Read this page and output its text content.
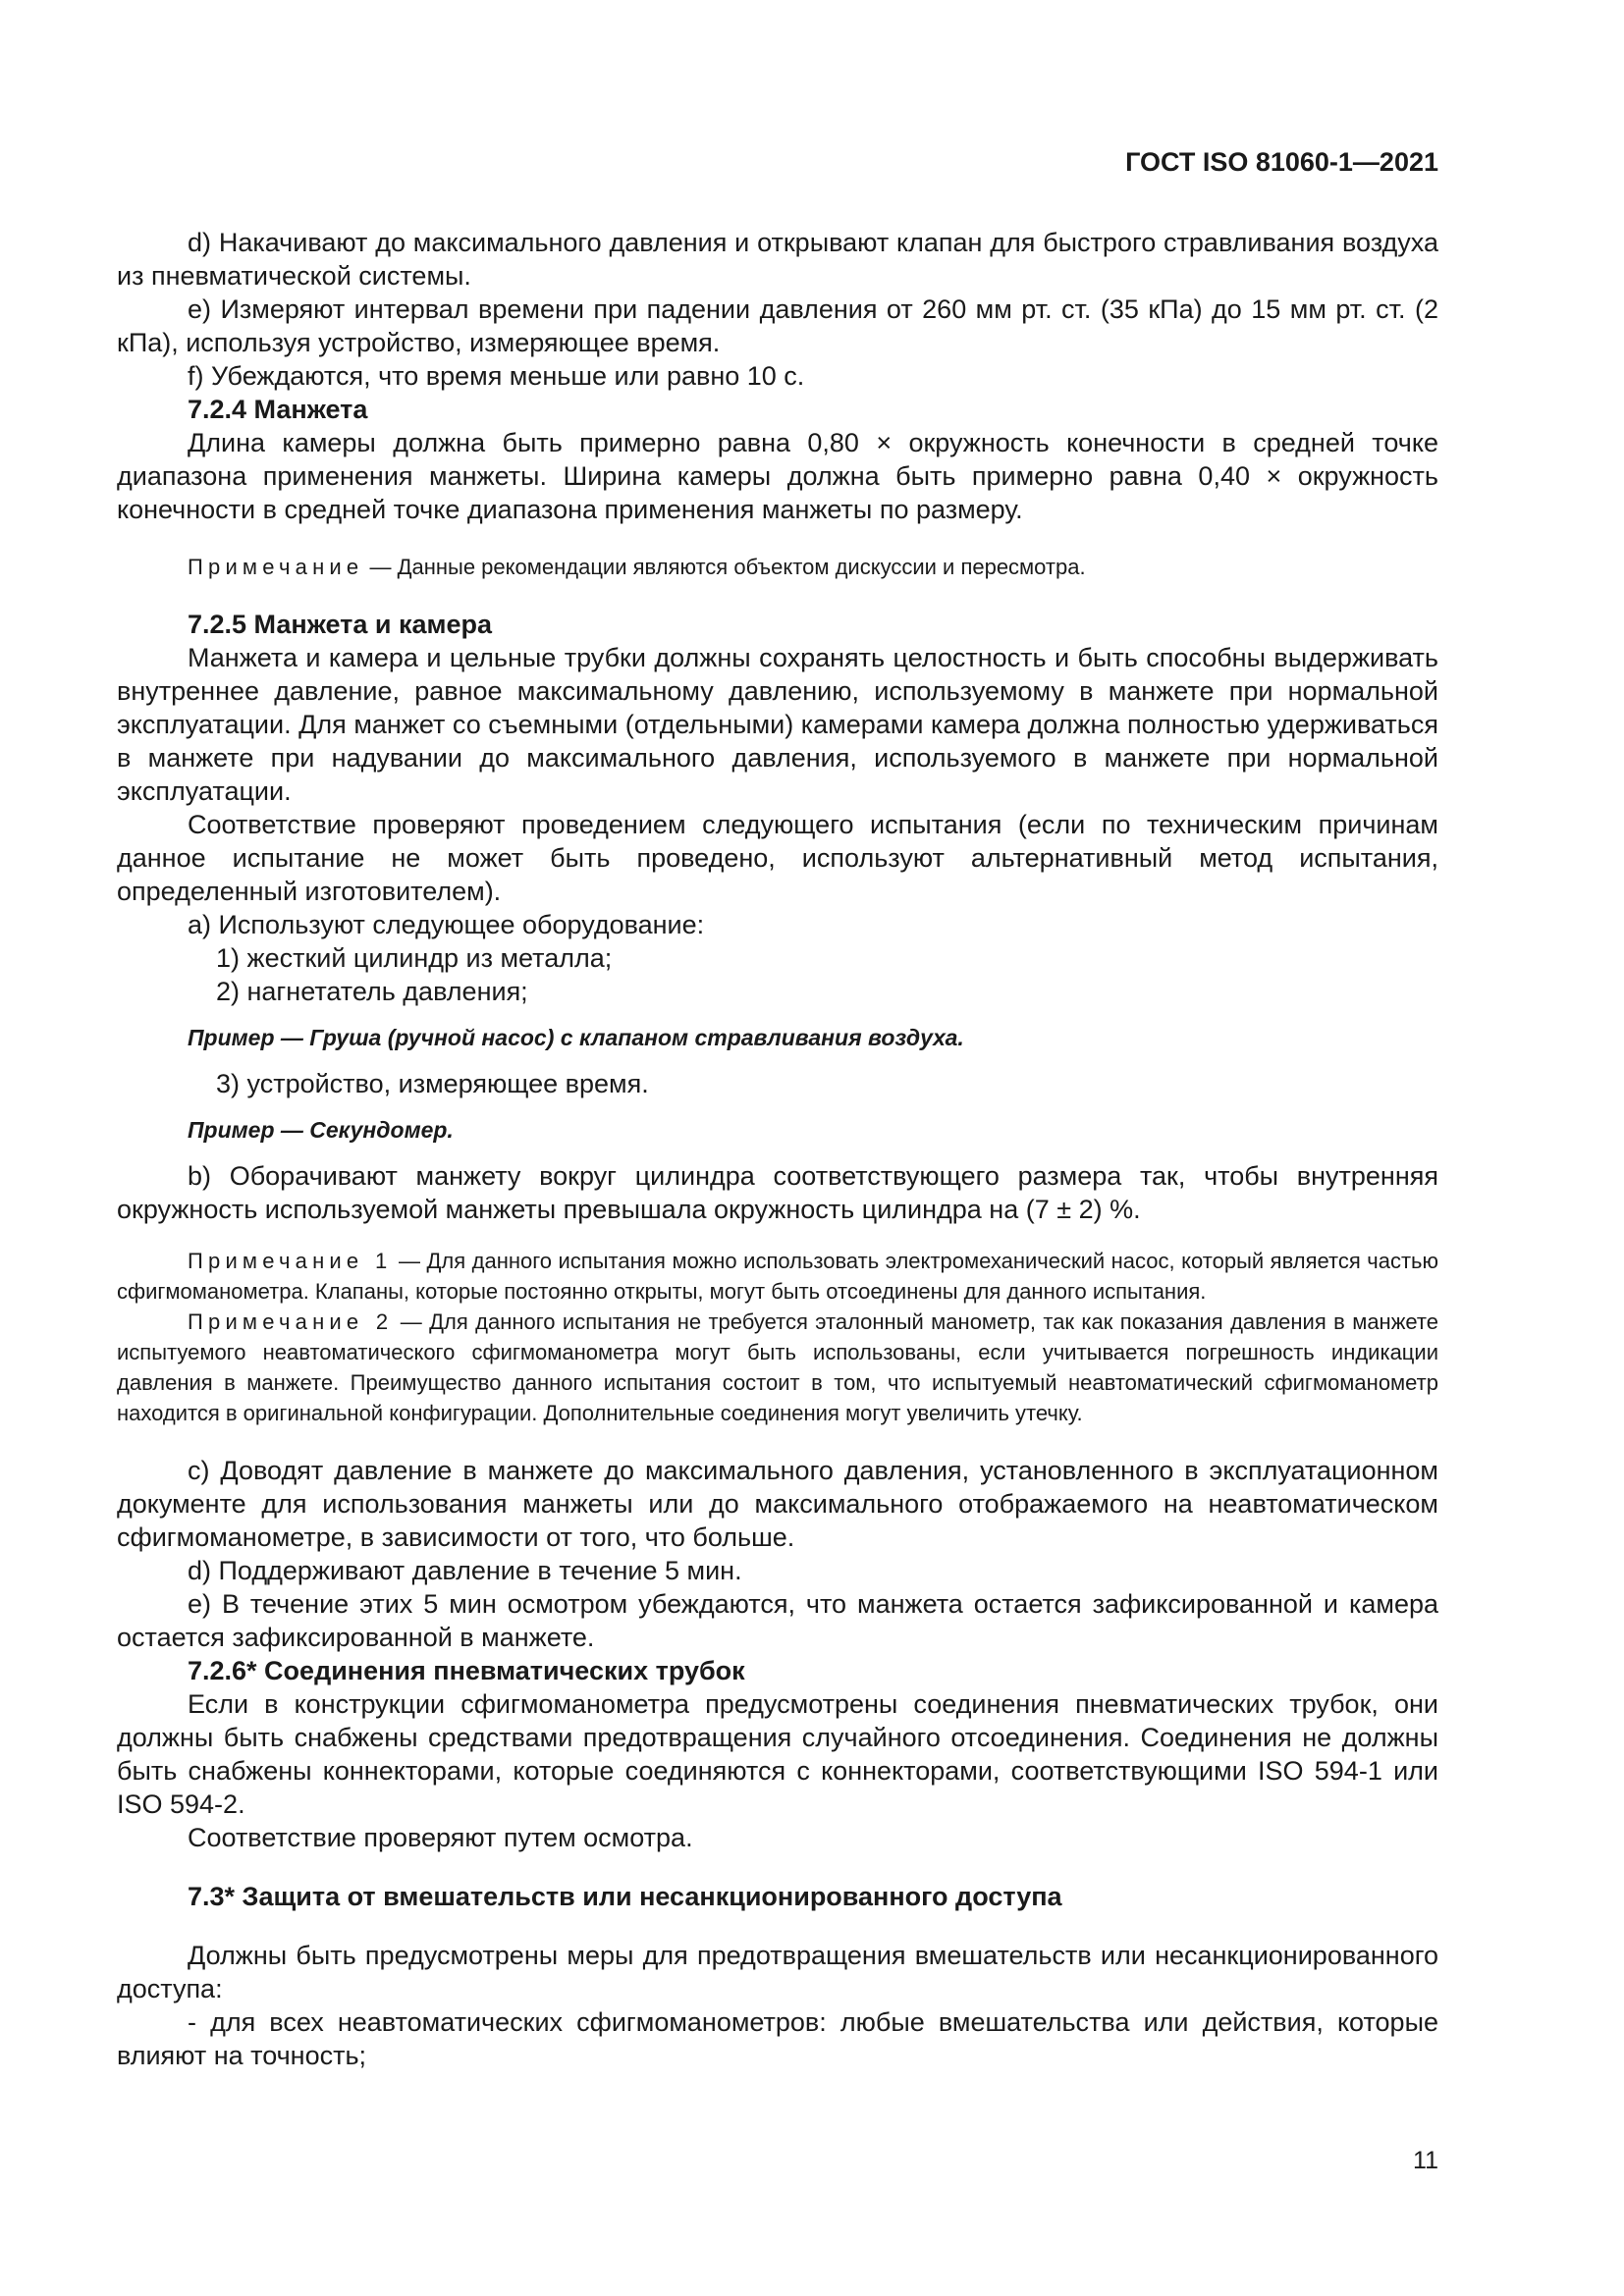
ГОСТ ISO 81060-1—2021

d) Накачивают до максимального давления и открывают клапан для быстрого стравливания воздуха из пневматической системы.

e) Измеряют интервал времени при падении давления от 260 мм рт. ст. (35 кПа) до 15 мм рт. ст. (2 кПа), используя устройство, измеряющее время.

f) Убеждаются, что время меньше или равно 10 с.

7.2.4 Манжета

Длина камеры должна быть примерно равна 0,80 × окружность конечности в средней точке диапазона применения манжеты. Ширина камеры должна быть примерно равна 0,40 × окружность конечности в средней точке диапазона применения манжеты по размеру.

Примечание — Данные рекомендации являются объектом дискуссии и пересмотра.

7.2.5 Манжета и камера

Манжета и камера и цельные трубки должны сохранять целостность и быть способны выдерживать внутреннее давление, равное максимальному давлению, используемому в манжете при нормальной эксплуатации. Для манжет со съемными (отдельными) камерами камера должна полностью удерживаться в манжете при надувании до максимального давления, используемого в манжете при нормальной эксплуатации.

Соответствие проверяют проведением следующего испытания (если по техническим причинам данное испытание не может быть проведено, используют альтернативный метод испытания, определенный изготовителем).

a) Используют следующее оборудование:

1) жесткий цилиндр из металла;

2) нагнетатель давления;

Пример — Груша (ручной насос) с клапаном стравливания воздуха.

3) устройство, измеряющее время.

Пример — Секундомер.

b) Оборачивают манжету вокруг цилиндра соответствующего размера так, чтобы внутренняя окружность используемой манжеты превышала окружность цилиндра на (7 ± 2) %.

Примечание 1 — Для данного испытания можно использовать электромеханический насос, который является частью сфигмоманометра. Клапаны, которые постоянно открыты, могут быть отсоединены для данного испытания.

Примечание 2 — Для данного испытания не требуется эталонный манометр, так как показания давления в манжете испытуемого неавтоматического сфигмоманометра могут быть использованы, если учитывается погрешность индикации давления в манжете. Преимущество данного испытания состоит в том, что испытуемый неавтоматический сфигмоманометр находится в оригинальной конфигурации. Дополнительные соединения могут увеличить утечку.

c) Доводят давление в манжете до максимального давления, установленного в эксплуатационном документе для использования манжеты или до максимального отображаемого на неавтоматическом сфигмоманометре, в зависимости от того, что больше.

d) Поддерживают давление в течение 5 мин.

e) В течение этих 5 мин осмотром убеждаются, что манжета остается зафиксированной и камера остается зафиксированной в манжете.

7.2.6* Соединения пневматических трубок

Если в конструкции сфигмоманометра предусмотрены соединения пневматических трубок, они должны быть снабжены средствами предотвращения случайного отсоединения. Соединения не должны быть снабжены коннекторами, которые соединяются с коннекторами, соответствующими ISO 594-1 или ISO 594-2.

Соответствие проверяют путем осмотра.

7.3* Защита от вмешательств или несанкционированного доступа

Должны быть предусмотрены меры для предотвращения вмешательств или несанкционированного доступа:

- для всех неавтоматических сфигмоманометров: любые вмешательства или действия, которые влияют на точность;

11
